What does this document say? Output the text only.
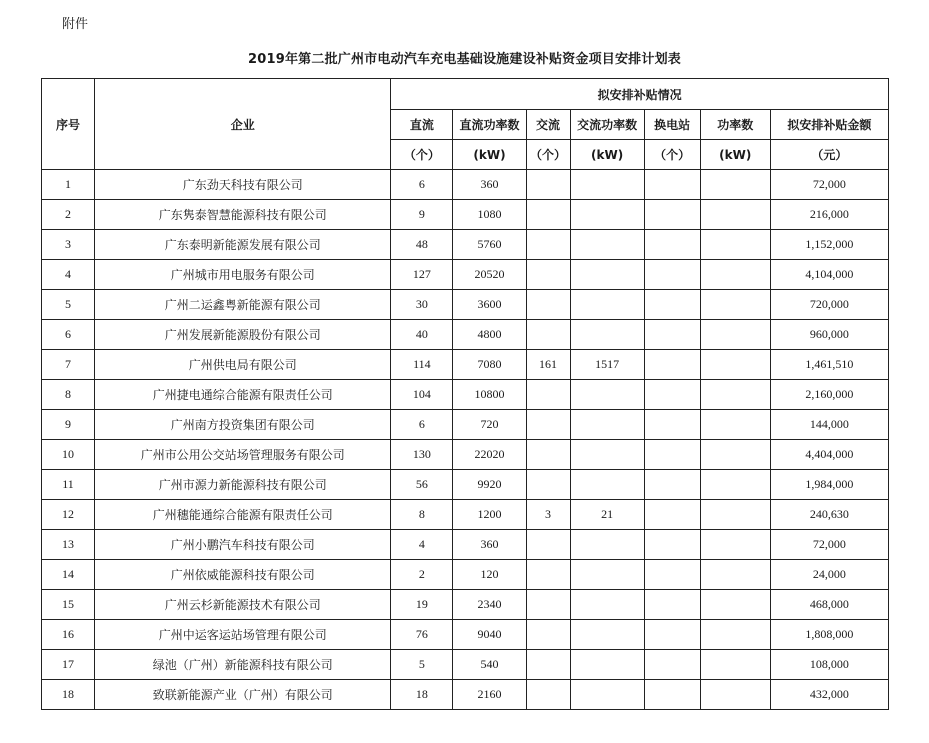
附件
2019年第二批广州市电动汽车充电基础设施建设补贴资金项目安排计划表
序号	企业	拟安排补贴情况						
		直流	直流功率数	交流	交流功率数	换电站	功率数	拟安排补贴金额
		（个）	(kW)	（个）	(kW)	（个）	(kW)	（元）
1	广东劲天科技有限公司	6	360					72,000
2	广东隽泰智慧能源科技有限公司	9	1080					216,000
3	广东泰明新能源发展有限公司	48	5760					1,152,000
4	广州城市用电服务有限公司	127	20520					4,104,000
5	广州二运鑫粤新能源有限公司	30	3600					720,000
6	广州发展新能源股份有限公司	40	4800					960,000
7	广州供电局有限公司	114	7080	161	1517			1,461,510
8	广州捷电通综合能源有限责任公司	104	10800					2,160,000
9	广州南方投资集团有限公司	6	720					144,000
10	广州市公用公交站场管理服务有限公司	130	22020					4,404,000
11	广州市源力新能源科技有限公司	56	9920					1,984,000
12	广州穗能通综合能源有限责任公司	8	1200	3	21			240,630
13	广州小鹏汽车科技有限公司	4	360					72,000
14	广州依威能源科技有限公司	2	120					24,000
15	广州云杉新能源技术有限公司	19	2340					468,000
16	广州中运客运站场管理有限公司	76	9040					1,808,000
17	绿池（广州）新能源科技有限公司	5	540					108,000
18	致联新能源产业（广州）有限公司	18	2160					432,000
